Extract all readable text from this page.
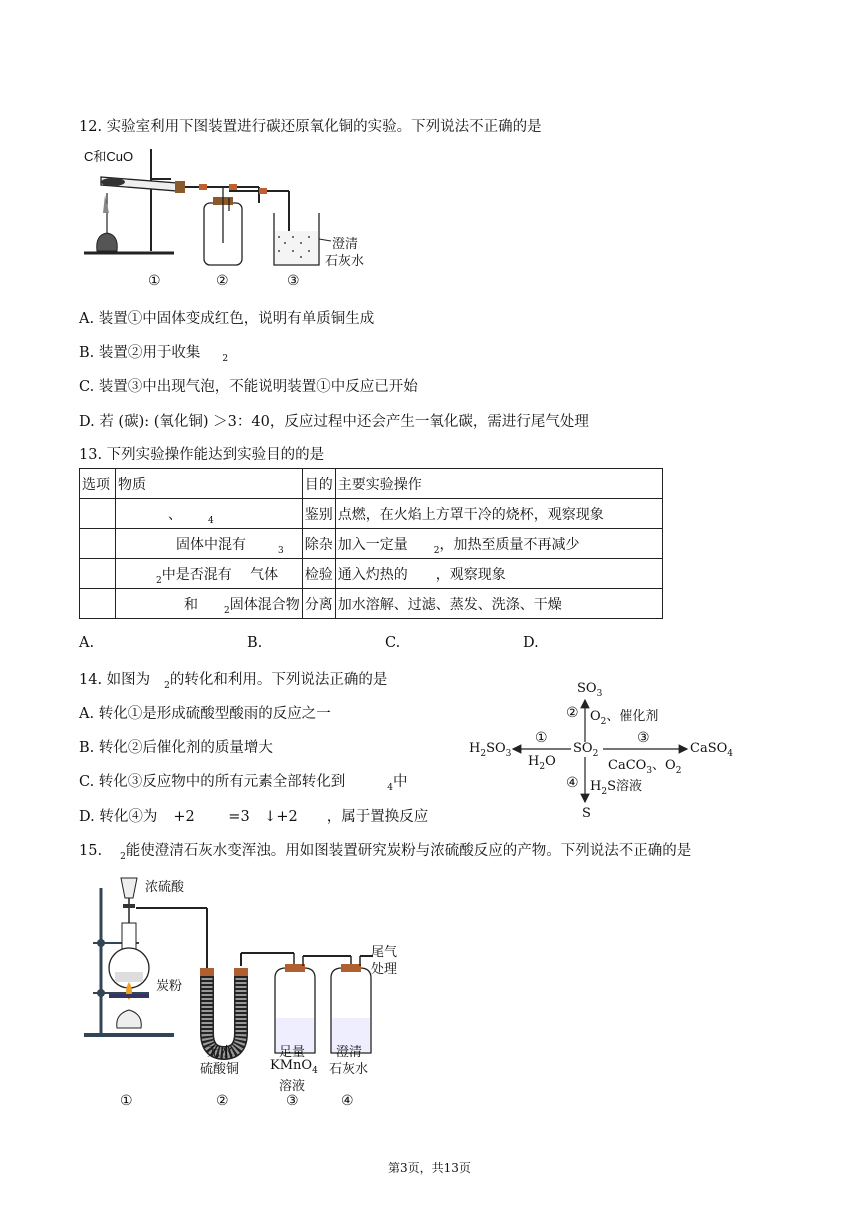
12. 实验室利用下图装置进行碳还原氧化铜的实验。下列说法不正确的是
C和CuO
澄清
石灰水
①	②	③
A. 装置①中固体变成红色，说明有单质铜生成
B. 装置②用于收集 $_2$
C. 装置③中出现气泡，不能说明装置①中反应已开始
D. 若 (碳): (氧化铜) ＞3：40，反应过程中还会产生一氧化碳，需进行尾气处理
13. 下列实验操作能达到实验目的的是
选项	物质	目的	主要实验操作
	、 $_4$	鉴别	点燃，在火焰上方罩干冷的烧杯，观察现象
	固体中混有 $_3$	除杂	加入一定量 $_2$，加热至质量不再减少
	$_2$中是否混有　 气体	检验	通入灼热的　　，观察现象
	和 $_2$固体混合物	分离	加水溶解、过滤、蒸发、洗涤、干燥
A.	B.	C.	D.
14. 如图为 $_2$的转化和利用。下列说法正确的是
A. 转化①是形成硫酸型酸雨的反应之一
B. 转化②后催化剂的质量增大
C. 转化③反应物中的所有元素全部转化到	$_4$中
D. 转化④为 +2　 　=3　↓+2　　，属于置换反应
$SO_3$
$SO_2$
$H_2SO_3$	CaSO$_4$
S
② $O_2$、催化剂
①
$H_2O$
③
CaCO$_3$、$O_2$
④ $H_2S$溶液
15. $_2$能使澄清石灰水变浑浊。用如图装置研究炭粉与浓硫酸反应的产物。下列说法不正确的是
浓硫酸
炭粉
尾气
处理
无水
硫酸铜
足量
KMnO$_4$
溶液
澄清
石灰水
①	②	③	④
第3页，共13页
